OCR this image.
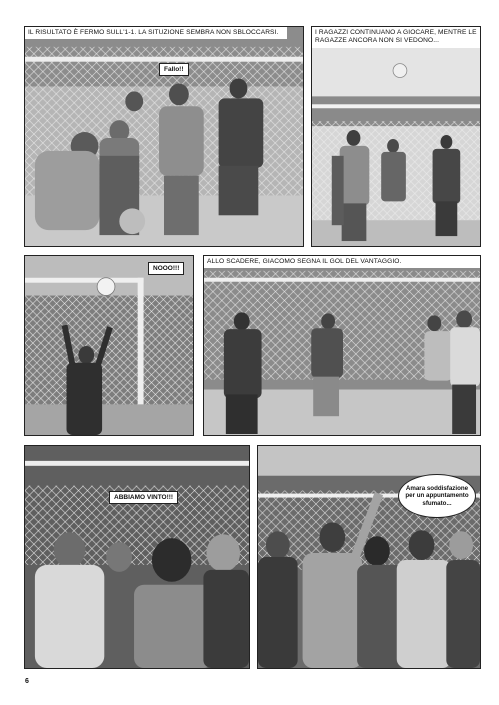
IL RISULTATO È FERMO SULL'1-1. LA SITUZIONE SEMBRA NON SBLOCCARSI.
Fallo!!
I RAGAZZI CONTINUANO A GIOCARE, MENTRE LE RAGAZZE ANCORA NON SI VEDONO...
NOOO!!!
ALLO SCADERE, GIACOMO SEGNA IL GOL DEL VANTAGGIO.
ABBIAMO VINTO!!!
Amara soddisfazione
per un appuntamento
sfumato...
6
